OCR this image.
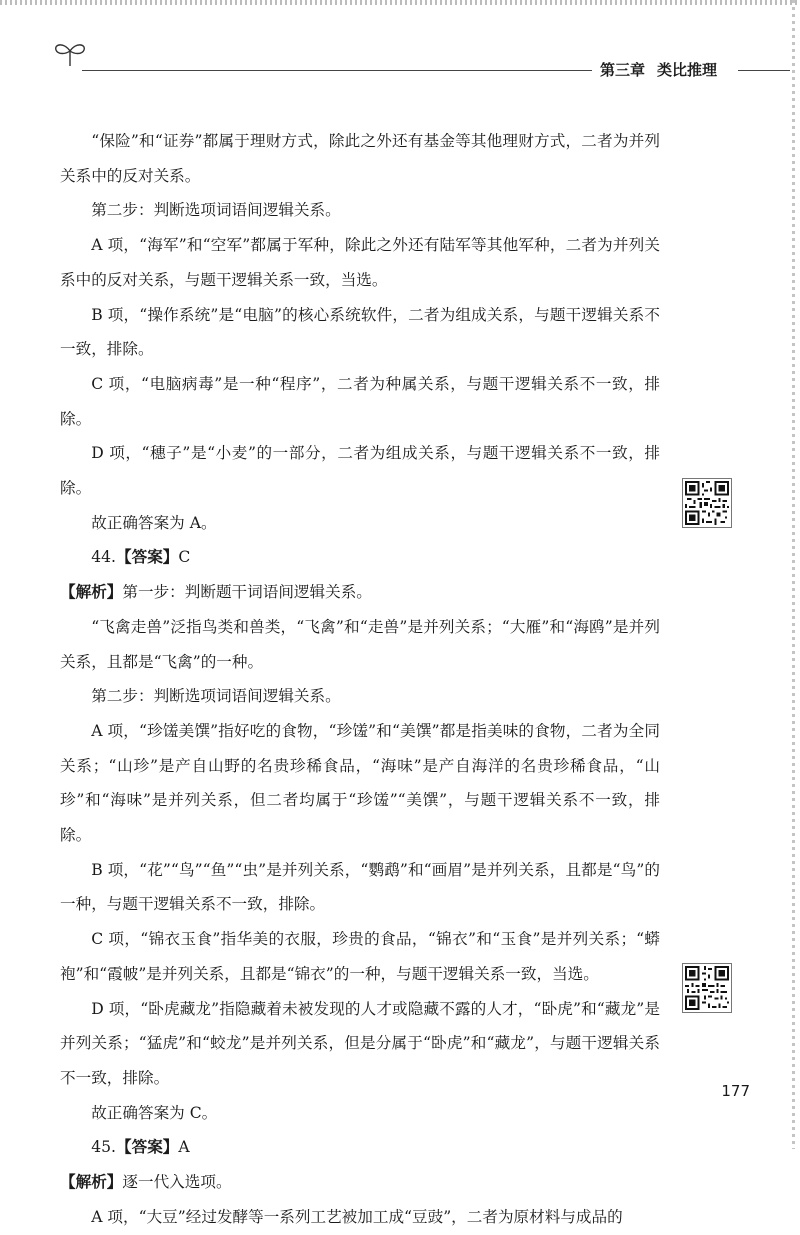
第三章 类比推理

“保险”和“证券”都属于理财方式，除此之外还有基金等其他理财方式，二者为并列关系中的反对关系。

第二步：判断选项词语间逻辑关系。

A 项，“海军”和“空军”都属于军种，除此之外还有陆军等其他军种，二者为并列关系中的反对关系，与题干逻辑关系一致，当选。

B 项，“操作系统”是“电脑”的核心系统软件，二者为组成关系，与题干逻辑关系不一致，排除。

C 项，“电脑病毒”是一种“程序”，二者为种属关系，与题干逻辑关系不一致，排除。

D 项，“穗子”是“小麦”的一部分，二者为组成关系，与题干逻辑关系不一致，排除。

故正确答案为 A。

44.【答案】C

【解析】第一步：判断题干词语间逻辑关系。

“飞禽走兽”泛指鸟类和兽类，“飞禽”和“走兽”是并列关系；“大雁”和“海鸥”是并列关系，且都是“飞禽”的一种。

第二步：判断选项词语间逻辑关系。

A 项，“珍馐美馔”指好吃的食物，“珍馐”和“美馔”都是指美味的食物，二者为全同关系；“山珍”是产自山野的名贵珍稀食品，“海味”是产自海洋的名贵珍稀食品，“山珍”和“海味”是并列关系，但二者均属于“珍馐”“美馔”，与题干逻辑关系不一致，排除。

B 项，“花”“鸟”“鱼”“虫”是并列关系，“鹦鹉”和“画眉”是并列关系，且都是“鸟”的一种，与题干逻辑关系不一致，排除。

C 项，“锦衣玉食”指华美的衣服，珍贵的食品，“锦衣”和“玉食”是并列关系；“蟒袍”和“霞帔”是并列关系，且都是“锦衣”的一种，与题干逻辑关系一致，当选。

D 项，“卧虎藏龙”指隐藏着未被发现的人才或隐藏不露的人才，“卧虎”和“藏龙”是并列关系；“猛虎”和“蛟龙”是并列关系，但是分属于“卧虎”和“藏龙”，与题干逻辑关系不一致，排除。

故正确答案为 C。

45.【答案】A

【解析】逐一代入选项。

A 项，“大豆”经过发酵等一系列工艺被加工成“豆豉”，二者为原材料与成品的

177
